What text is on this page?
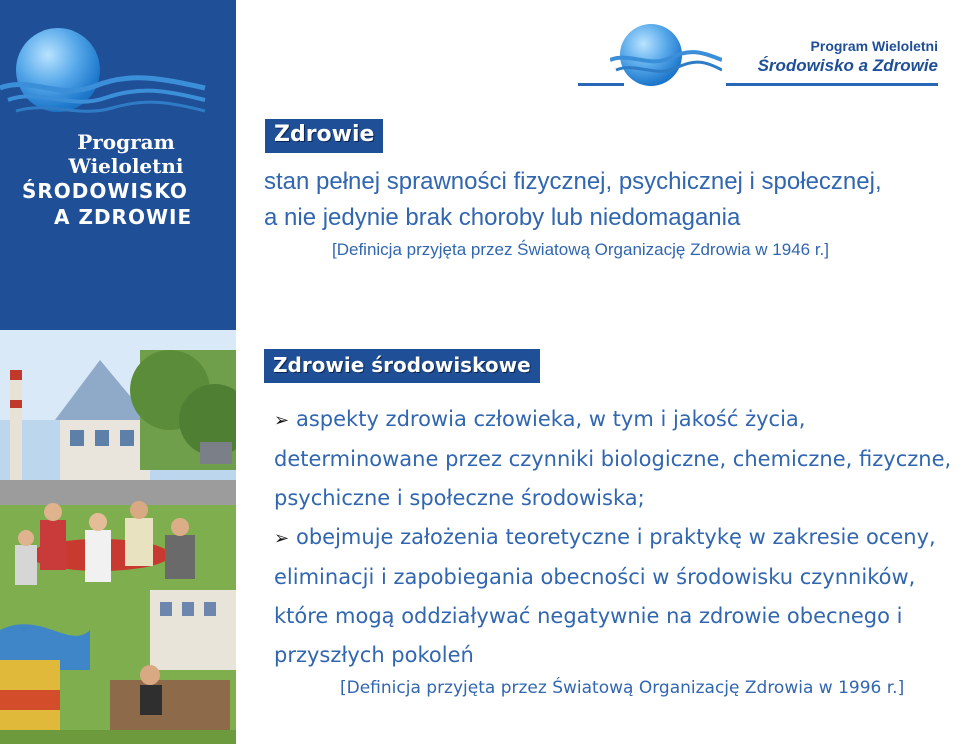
Program
Wieloletni
ŚRODOWISKO
A ZDROWIE
Program Wieloletni
Środowisko a Zdrowie
Zdrowie
stan pełnej sprawności fizycznej, psychicznej i społecznej, a nie jedynie brak choroby lub niedomagania
[Definicja przyjęta przez Światową Organizację Zdrowia w 1946 r.]
Zdrowie środowiskowe
➢ aspekty zdrowia człowieka, w tym i jakość życia, determinowane przez czynniki biologiczne, chemiczne, fizyczne, psychiczne i społeczne środowiska;
➢ obejmuje założenia teoretyczne i praktykę w zakresie oceny, eliminacji i zapobiegania obecności w środowisku czynników, które mogą oddziaływać negatywnie na zdrowie obecnego i przyszłych pokoleń
[Definicja przyjęta przez Światową Organizację Zdrowia w 1996 r.]
